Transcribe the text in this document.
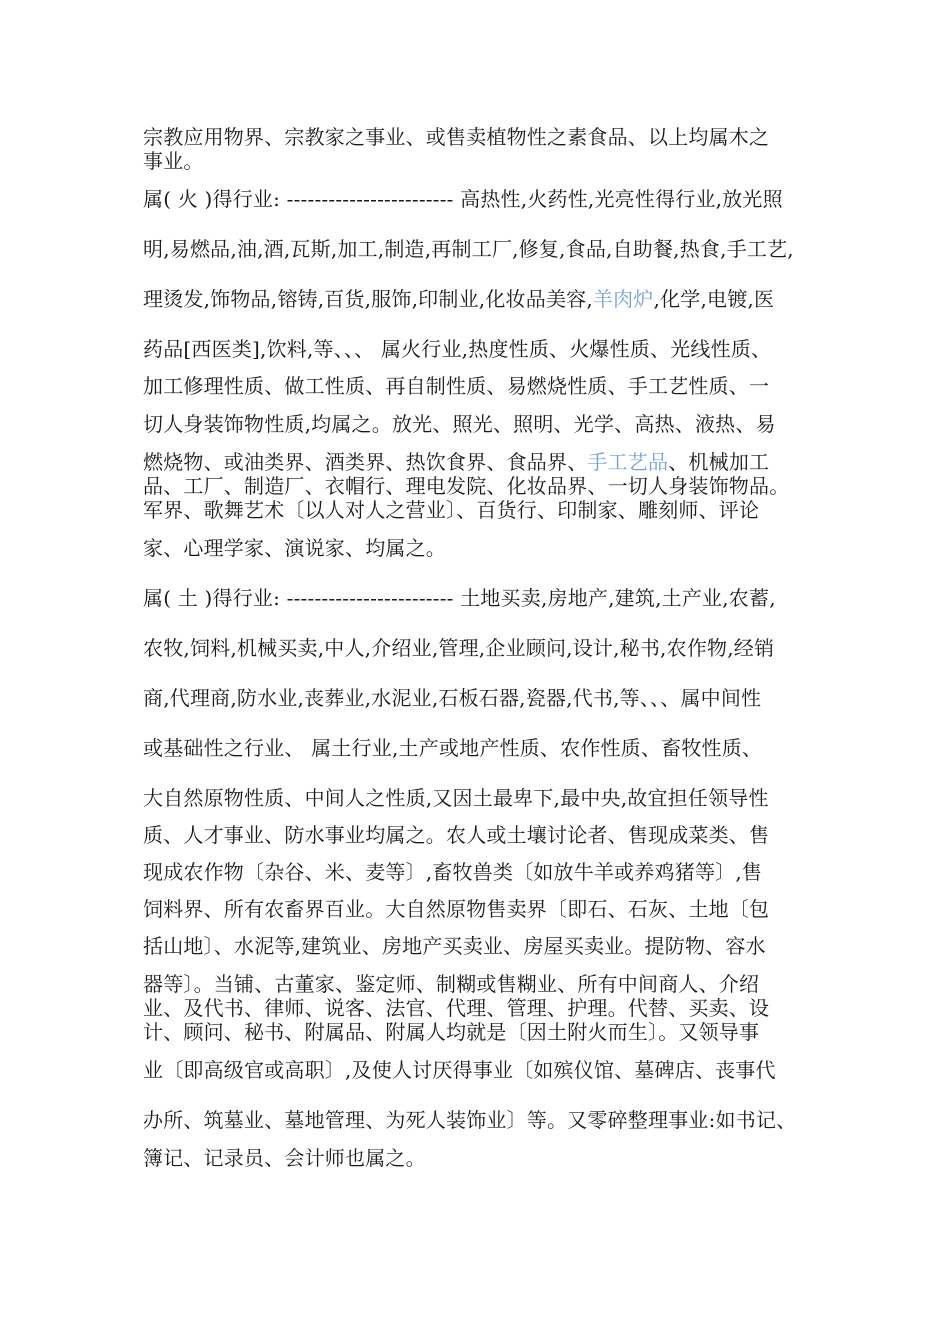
宗教应用物界、宗教家之事业、或售卖植物性之素食品、以上均属木之
事业。
属( 火 )得行业: ------------------------ 高热性,火药性,光亮性得行业,放光照
明,易燃品,油,酒,瓦斯,加工,制造,再制工厂,修复,食品,自助餐,热食,手工艺,
理烫发,饰物品,镕铸,百货,服饰,印制业,化妆品美容,羊肉炉,化学,电镀,医
药品[西医类],饮料,等、、、 属火行业,热度性质、火爆性质、光线性质、
加工修理性质、做工性质、再自制性质、易燃烧性质、手工艺性质、一
切人身装饰物性质,均属之。放光、照光、照明、光学、高热、液热、易
燃烧物、或油类界、酒类界、热饮食界、食品界、手工艺品、机械加工
品、工厂、制造厂、衣帽行、理电发院、化妆品界、一切人身装饰物品。
军界、歌舞艺术〔以人对人之营业〕、百货行、印制家、雕刻师、评论
家、心理学家、演说家、均属之。
属( 土 )得行业: ------------------------ 土地买卖,房地产,建筑,土产业,农蓄,
农牧,饲料,机械买卖,中人,介绍业,管理,企业顾问,设计,秘书,农作物,经销
商,代理商,防水业,丧葬业,水泥业,石板石器,瓷器,代书,等、、、属中间性
或基础性之行业、 属土行业,土产或地产性质、农作性质、畜牧性质、
大自然原物性质、中间人之性质,又因土最卑下,最中央,故宜担任领导性
质、人才事业、防水事业均属之。农人或土壤讨论者、售现成菜类、售
现成农作物〔杂谷、米、麦等〕,畜牧兽类〔如放牛羊或养鸡猪等〕,售
饲料界、所有农畜界百业。大自然原物售卖界〔即石、石灰、土地〔包
括山地〕、水泥等,建筑业、房地产买卖业、房屋买卖业。提防物、容水
器等〕。当铺、古董家、鉴定师、制糊或售糊业、所有中间商人、介绍
业、及代书、律师、说客、法官、代理、管理、护理。代替、买卖、设
计、顾问、秘书、附属品、附属人均就是〔因土附火而生〕。又领导事
业〔即高级官或高职〕,及使人讨厌得事业〔如殡仪馆、墓碑店、丧事代
办所、筑墓业、墓地管理、为死人装饰业〕等。又零碎整理事业:如书记、
簿记、记录员、会计师也属之。
